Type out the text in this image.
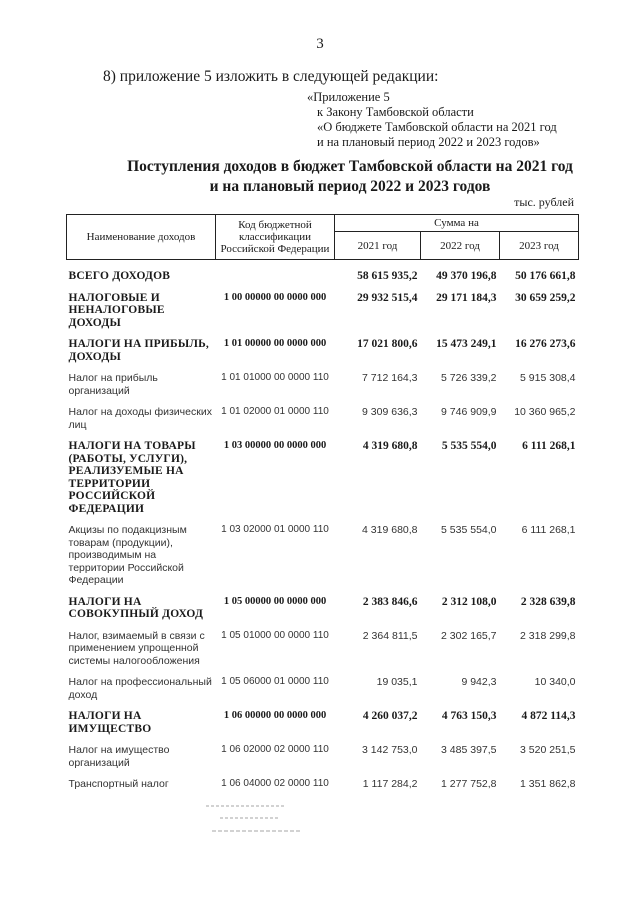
3
8) приложение 5 изложить в следующей редакции:
«Приложение 5
к Закону Тамбовской области
«О бюджете Тамбовской области на 2021 год
и на плановый период 2022 и 2023 годов»
Поступления доходов в бюджет Тамбовской области на 2021 год
и на плановый период 2022 и 2023 годов
тыс. рублей
Наименование доходов	Код бюджетной классификации Российской Федерации	Сумма на		
		2021 год	2022 год	2023 год
ВСЕГО ДОХОДОВ		58 615 935,2	49 370 196,8	50 176 661,8
НАЛОГОВЫЕ И НЕНАЛОГОВЫЕ ДОХОДЫ	1 00 00000 00 0000 000	29 932 515,4	29 171 184,3	30 659 259,2
НАЛОГИ НА ПРИБЫЛЬ, ДОХОДЫ	1 01 00000 00 0000 000	17 021 800,6	15 473 249,1	16 276 273,6
Налог на прибыль организаций	1 01 01000 00 0000 110	7 712 164,3	5 726 339,2	5 915 308,4
Налог на доходы физических лиц	1 01 02000 01 0000 110	9 309 636,3	9 746 909,9	10 360 965,2
НАЛОГИ НА ТОВАРЫ (РАБОТЫ, УСЛУГИ), РЕАЛИЗУЕМЫЕ НА ТЕРРИТОРИИ РОССИЙСКОЙ ФЕДЕРАЦИИ	1 03 00000 00 0000 000	4 319 680,8	5 535 554,0	6 111 268,1
Акцизы по подакцизным товарам (продукции), производимым на территории Российской Федерации	1 03 02000 01 0000 110	4 319 680,8	5 535 554,0	6 111 268,1
НАЛОГИ НА СОВОКУПНЫЙ ДОХОД	1 05 00000 00 0000 000	2 383 846,6	2 312 108,0	2 328 639,8
Налог, взимаемый в связи с применением упрощенной системы налогообложения	1 05 01000 00 0000 110	2 364 811,5	2 302 165,7	2 318 299,8
Налог на профессиональный доход	1 05 06000 01 0000 110	19 035,1	9 942,3	10 340,0
НАЛОГИ НА ИМУЩЕСТВО	1 06 00000 00 0000 000	4 260 037,2	4 763 150,3	4 872 114,3
Налог на имущество организаций	1 06 02000 02 0000 110	3 142 753,0	3 485 397,5	3 520 251,5
Транспортный налог	1 06 04000 02 0000 110	1 117 284,2	1 277 752,8	1 351 862,8
